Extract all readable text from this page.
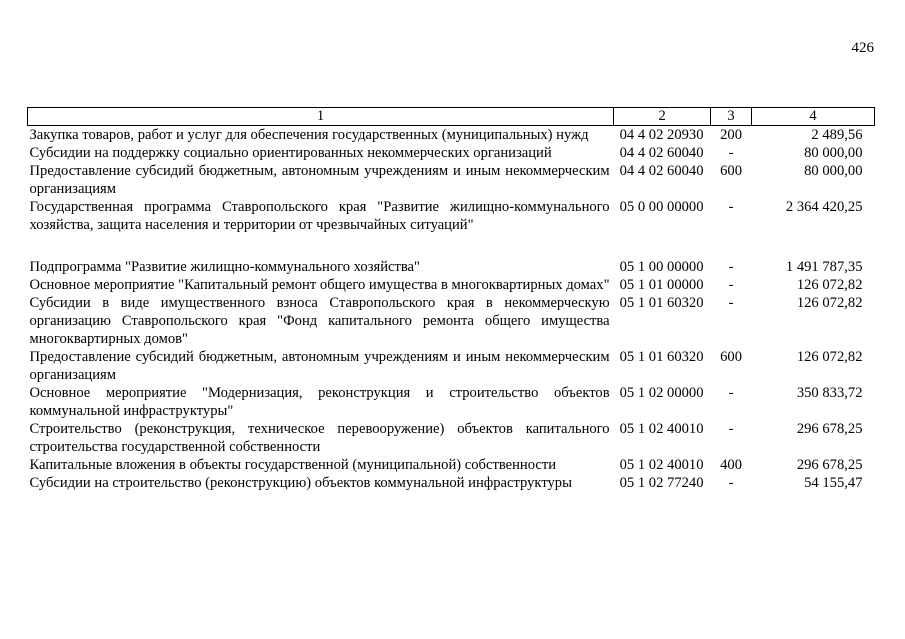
426
1	2	3	4
Закупка товаров, работ и услуг для обеспечения государственных (муниципальных) нужд	04 4 02 20930	200	2 489,56
Субсидии на поддержку социально ориентированных некоммерческих организаций	04 4 02 60040	-	80 000,00
Предоставление субсидий бюджетным, автономным учреждениям и иным некоммерческим организациям	04 4 02 60040	600	80 000,00
Государственная программа Ставропольского края "Развитие жилищно-коммунального хозяйства, защита населения и территории от чрезвычайных ситуаций"	05 0 00 00000	-	2 364 420,25

Подпрограмма "Развитие жилищно-коммунального хозяйства"	05 1 00 00000	-	1 491 787,35
Основное мероприятие "Капитальный ремонт общего имущества в многоквартирных домах"	05 1 01 00000	-	126 072,82
Субсидии в виде имущественного взноса Ставропольского края в некоммерческую организацию Ставропольского края "Фонд капитального ремонта общего имущества многоквартирных домов"	05 1 01 60320	-	126 072,82
Предоставление субсидий бюджетным, автономным учреждениям и иным некоммерческим организациям	05 1 01 60320	600	126 072,82
Основное мероприятие "Модернизация, реконструкция и строительство объектов коммунальной инфраструктуры"	05 1 02 00000	-	350 833,72
Строительство (реконструкция, техническое перевооружение) объектов капитального строительства государственной собственности	05 1 02 40010	-	296 678,25
Капитальные вложения в объекты государственной (муниципальной) собственности	05 1 02 40010	400	296 678,25
Субсидии на строительство (реконструкцию) объектов коммунальной инфраструктуры	05 1 02 77240	-	54 155,47
